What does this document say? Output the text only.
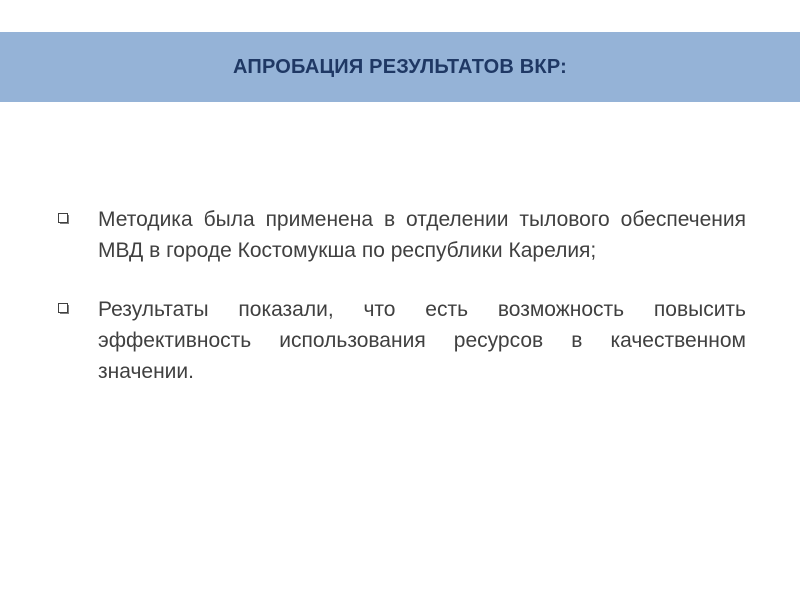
АПРОБАЦИЯ РЕЗУЛЬТАТОВ ВКР:
Методика была применена в отделении тылового обеспечения МВД в городе Костомукша по республики Карелия;
Результаты показали, что есть возможность повысить эффективность использования ресурсов в качественном значении.
